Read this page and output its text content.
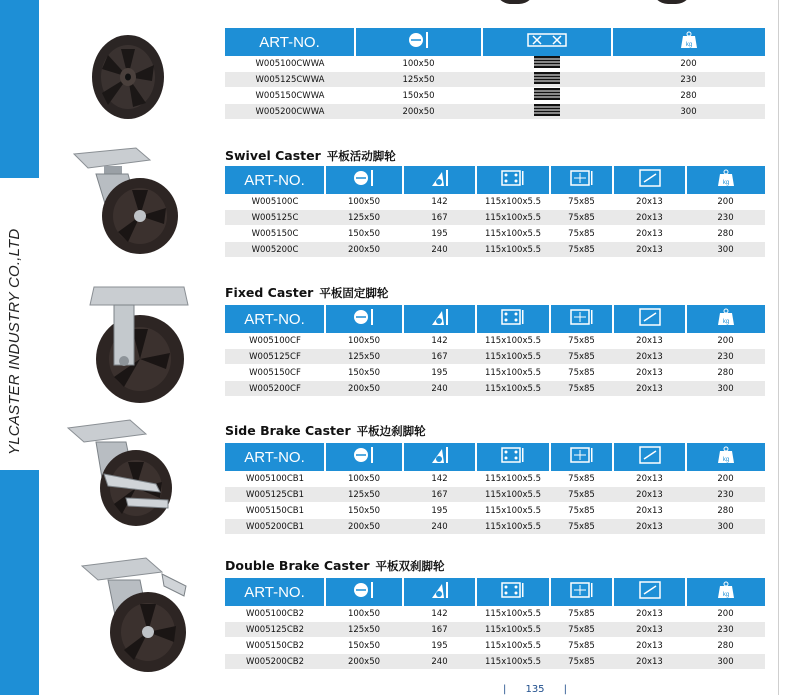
YLCASTER INDUSTRY CO.,LTD
ART-NO.			kg

W005100CWWA	100x50		200
W005125CWWA	125x50		230
W005150CWWA	150x50		280
W005200CWWA	200x50		300
Swivel Caster 平板活动脚轮
ART-NO.						kg

W005100C	100x50	142	115x100x5.5	75x85	20x13	200
W005125C	125x50	167	115x100x5.5	75x85	20x13	230
W005150C	150x50	195	115x100x5.5	75x85	20x13	280
W005200C	200x50	240	115x100x5.5	75x85	20x13	300
Fixed Caster 平板固定脚轮
ART-NO.						kg

W005100CF	100x50	142	115x100x5.5	75x85	20x13	200
W005125CF	125x50	167	115x100x5.5	75x85	20x13	230
W005150CF	150x50	195	115x100x5.5	75x85	20x13	280
W005200CF	200x50	240	115x100x5.5	75x85	20x13	300
Side Brake Caster 平板边刹脚轮
ART-NO.						kg

W005100CB1	100x50	142	115x100x5.5	75x85	20x13	200
W005125CB1	125x50	167	115x100x5.5	75x85	20x13	230
W005150CB1	150x50	195	115x100x5.5	75x85	20x13	280
W005200CB1	200x50	240	115x100x5.5	75x85	20x13	300
Double Brake Caster 平板双刹脚轮
ART-NO.						kg

W005100CB2	100x50	142	115x100x5.5	75x85	20x13	200
W005125CB2	125x50	167	115x100x5.5	75x85	20x13	230
W005150CB2	150x50	195	115x100x5.5	75x85	20x13	280
W005200CB2	200x50	240	115x100x5.5	75x85	20x13	300
|      135      |
